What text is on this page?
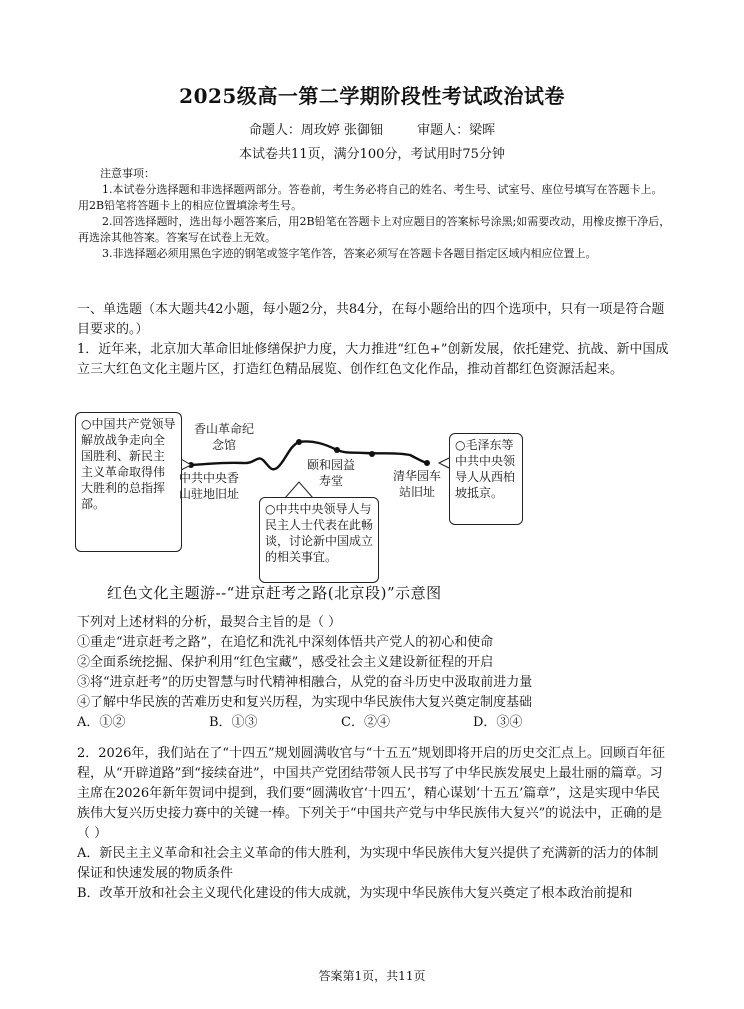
2025级高一第二学期阶段性考试政治试卷
命题人：周玫婷 张御钿	审题人：梁晖
本试卷共11页，满分100分，考试用时75分钟

注意事项：

1.本试卷分选择题和非选择题两部分。答卷前，考生务必将自己的姓名、考生号、试室号、座位号填写在答题卡上。用2B铅笔将答题卡上的相应位置填涂考生号。

2.回答选择题时，选出每小题答案后，用2B铅笔在答题卡上对应题目的答案标号涂黑;如需要改动，用橡皮擦干净后，再选涂其他答案。答案写在试卷上无效。

3.非选择题必须用黑色字迹的钢笔或签字笔作答，答案必须写在答题卡各题目指定区域内相应位置上。

一、单选题（本大题共42小题，每小题2分，共84分，在每小题给出的四个选项中，只有一项是符合题目要求的。）

1．近年来，北京加大革命旧址修缮保护力度，大力推进“红色+”创新发展，依托建党、抗战、新中国成立三大红色文化主题片区，打造红色精品展览、创作红色文化作品，推动首都红色资源活起来。

○中国共产党领导解放战争走向全国胜利、新民主主义革命取得伟大胜利的总指挥部。	○中共中央领导人与民主人士代表在此畅谈，讨论新中国成立的相关事宜。
○毛泽东等中共中央领导人从西柏坡抵京。
香山革命纪念馆
中共中央香山驻地旧址
颐和园益寿堂	清华园车站旧址
红色文化主题游--“进京赶考之路(北京段)”示意图

下列对上述材料的分析，最契合主旨的是（ ）

①重走“进京赶考之路”，在追忆和洗礼中深刻体悟共产党人的初心和使命

②全面系统挖掘、保护利用“红色宝藏”，感受社会主义建设新征程的开启

③将“进京赶考”的历史智慧与时代精神相融合，从党的奋斗历史中汲取前进力量

④了解中华民族的苦难历史和复兴历程，为实现中华民族伟大复兴奠定制度基础

A．①②	B．①③	C．②④	D．③④

2．2026年，我们站在了“十四五”规划圆满收官与“十五五”规划即将开启的历史交汇点上。回顾百年征程，从“开辟道路”到“接续奋进”，中国共产党团结带领人民书写了中华民族发展史上最壮丽的篇章。习主席在2026年新年贺词中提到，我们要“圆满收官‘十四五’，精心谋划‘十五五’篇章”，这是实现中华民族伟大复兴历史接力赛中的关键一棒。下列关于“中国共产党与中华民族伟大复兴”的说法中，正确的是（ ）

A．新民主主义革命和社会主义革命的伟大胜利，为实现中华民族伟大复兴提供了充满新的活力的体制保证和快速发展的物质条件

B．改革开放和社会主义现代化建设的伟大成就，为实现中华民族伟大复兴奠定了根本政治前提和

答案第1页，共11页
